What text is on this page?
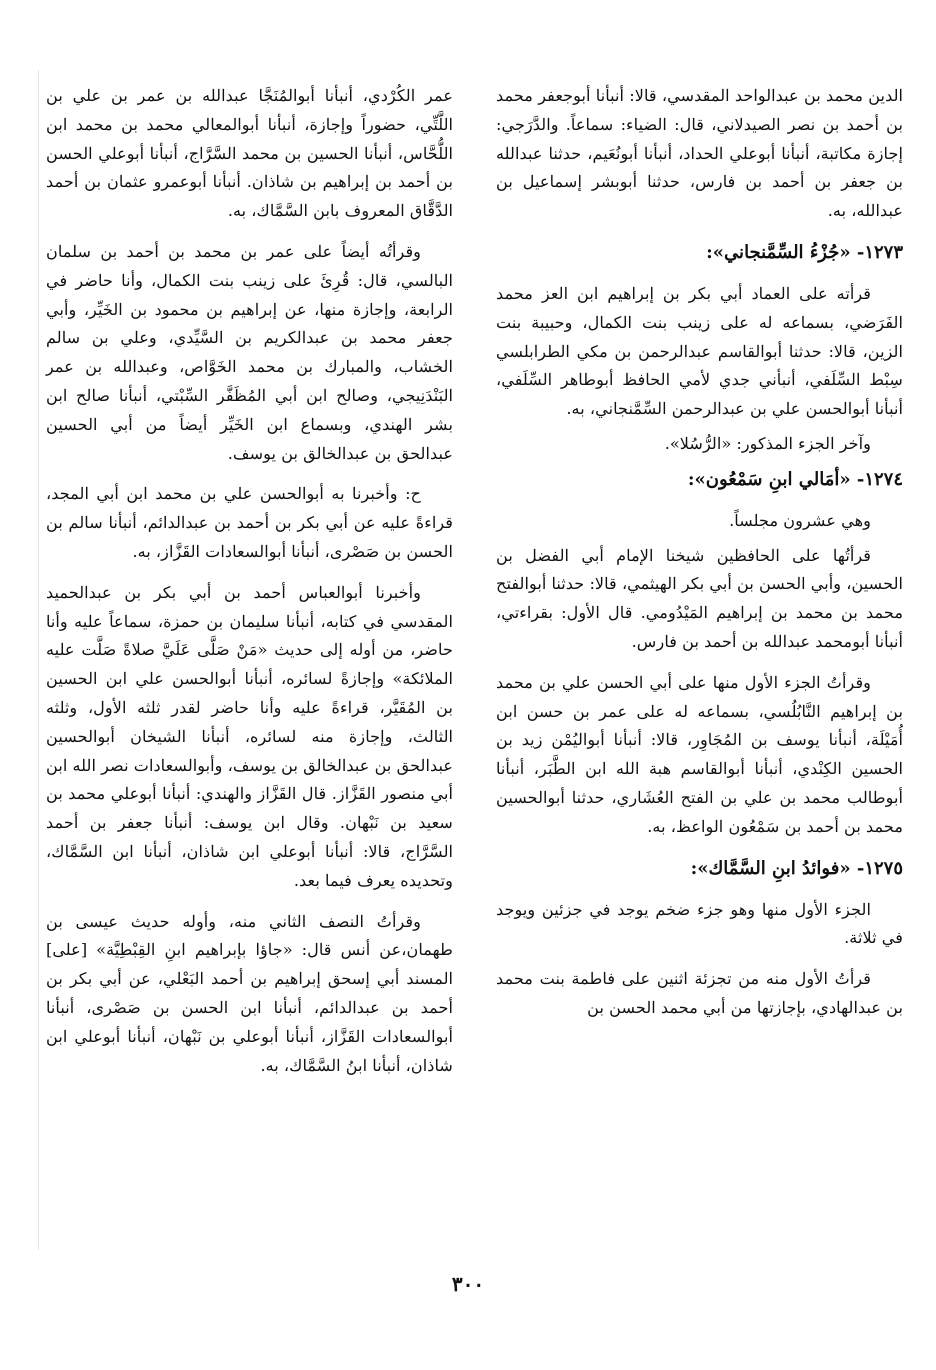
الدين محمد بن عبدالواحد المقدسي، قالا: أنبأنا أبوجعفر محمد بن أحمد بن نصر الصيدلاني، قال: الضياء: سماعاً. والدَّرَجي: إجازة مكاتبة، أنبأنا أبوعلي الحداد، أنبأنا أبونُعَيم، حدثنا عبدالله بن جعفر بن أحمد بن فارس، حدثنا أبوبشر إسماعيل بن عبدالله، به.

١٢٧٣- «جُزْءُ السِّمَّنجاني»:

قرأته على العماد أبي بكر بن إبراهيم ابن العز محمد الفَرَضي، بسماعه له على زينب بنت الكمال، وحبيبة بنت الزين، قالا: حدثنا أبوالقاسم عبدالرحمن بن مكي الطرابلسي سِبْط السِّلَفي، أنبأني جدي لأمي الحافظ أبوطاهر السِّلَفي، أنبأنا أبوالحسن علي بن عبدالرحمن السِّمَّنجاني، به.

وآخر الجزء المذكور: «الرُّسُلا».

١٢٧٤- «أمَالي ابنِ سَمْعُون»:

وهي عشرون مجلساً.

قرأتُها على الحافظين شيخنا الإمام أبي الفضل بن الحسين، وأبي الحسن بن أبي بكر الهيثمي، قالا: حدثنا أبوالفتح محمد بن محمد بن إبراهيم المَيْدُومي. قال الأول: بقراءتي، أنبأنا أبومحمد عبدالله بن أحمد بن فارس.

وقرأتُ الجزء الأول منها على أبي الحسن علي بن محمد بن إبراهيم النَّابُلُسي، بسماعه له على عمر بن حسن ابن أُمَيْلَة، أنبأنا يوسف بن المُجَاوِر، قالا: أنبأنا أبواليُمْن زيد بن الحسين الكِنْدي، أنبأنا أبوالقاسم هبة الله ابن الطَّبَر، أنبأنا أبوطالب محمد بن علي بن الفتح العُشَاري، حدثنا أبوالحسين محمد بن أحمد بن سَمْعُون الواعظ، به.

١٢٧٥- «فوائدُ ابنِ السَّمَّاك»:

الجزء الأول منها وهو جزء ضخم يوجد في جزئين ويوجد في ثلاثة.

قرأتُ الأول منه من تجزئة اثنين على فاطمة بنت محمد بن عبدالهادي، بإجازتها من أبي محمد الحسن بن

عمر الكُرْدي، أنبأنا أبوالمُنَجَّا عبدالله بن عمر بن علي بن اللَّتِّي، حضوراً وإجازة، أنبأنا أبوالمعالي محمد بن محمد ابن اللُّحَّاس، أنبأنا الحسين بن محمد السَّرَّاج، أنبأنا أبوعلي الحسن بن أحمد بن إبراهيم بن شاذان. أنبأنا أبوعمرو عثمان بن أحمد الدَّقَّاق المعروف بابن السَّمَّاك، به.

وقرأتُه أيضاً على عمر بن محمد بن أحمد بن سلمان البالسي، قال: قُرِئَ على زينب بنت الكمال، وأنا حاضر في الرابعة، وإجازة منها، عن إبراهيم بن محمود بن الخَيِّر، وأبي جعفر محمد بن عبدالكريم بن السَّيِّدي، وعلي بن سالم الخشاب، والمبارك بن محمد الخَوَّاص، وعبدالله بن عمر البَنْدَنِيجي، وصالح ابن أبي المُظَفَّر السِّبْتي، أنبأنا صالح ابن بشر الهندي، وبسماع ابن الخَيِّر أيضاً من أبي الحسين عبدالحق بن عبدالخالق بن يوسف.

ح: وأخبرنا به أبوالحسن علي بن محمد ابن أبي المجد، قراءةً عليه عن أبي بكر بن أحمد بن عبدالدائم، أنبأنا سالم بن الحسن بن صَصْرى، أنبأنا أبوالسعادات القَزَّاز، به.

وأخبرنا أبوالعباس أحمد بن أبي بكر بن عبدالحميد المقدسي في كتابه، أنبأنا سليمان بن حمزة، سماعاً عليه وأنا حاضر، من أوله إلى حديث «مَنْ صَلَّى عَلَيَّ صلاةً صَلَّت عليه الملائكة» وإجازةً لسائره، أنبأنا أبوالحسن علي ابن الحسين بن المُقَيَّر، قراءةً عليه وأنا حاضر لقدر ثلثه الأول، وثلثه الثالث، وإجازة منه لسائره، أنبأنا الشيخان أبوالحسين عبدالحق بن عبدالخالق بن يوسف، وأبوالسعادات نصر الله ابن أبي منصور القَزَّاز. قال القَزَّاز والهندي: أنبأنا أبوعلي محمد بن سعيد بن نَبْهان. وقال ابن يوسف: أنبأنا جعفر بن أحمد السَّرَّاج، قالا: أنبأنا أبوعلي ابن شاذان، أنبأنا ابن السَّمَّاك، وتحديده يعرف فيما بعد.

وقرأتُ النصف الثاني منه، وأوله حديث عيسى بن طهمان،عن أنس قال: «جاؤا بإبراهيم ابنِ القِبْطِيَّة» [على] المسند أبي إسحق إبراهيم بن أحمد البَعْلي، عن أبي بكر بن أحمد بن عبدالدائم، أنبأنا ابن الحسن بن صَصْرى، أنبأنا أبوالسعادات القَزَّاز، أنبأنا أبوعلي بن نَبْهان، أنبأنا أبوعلي ابن شاذان، أنبأنا ابنُ السَّمَّاك، به.

٣٠٠
